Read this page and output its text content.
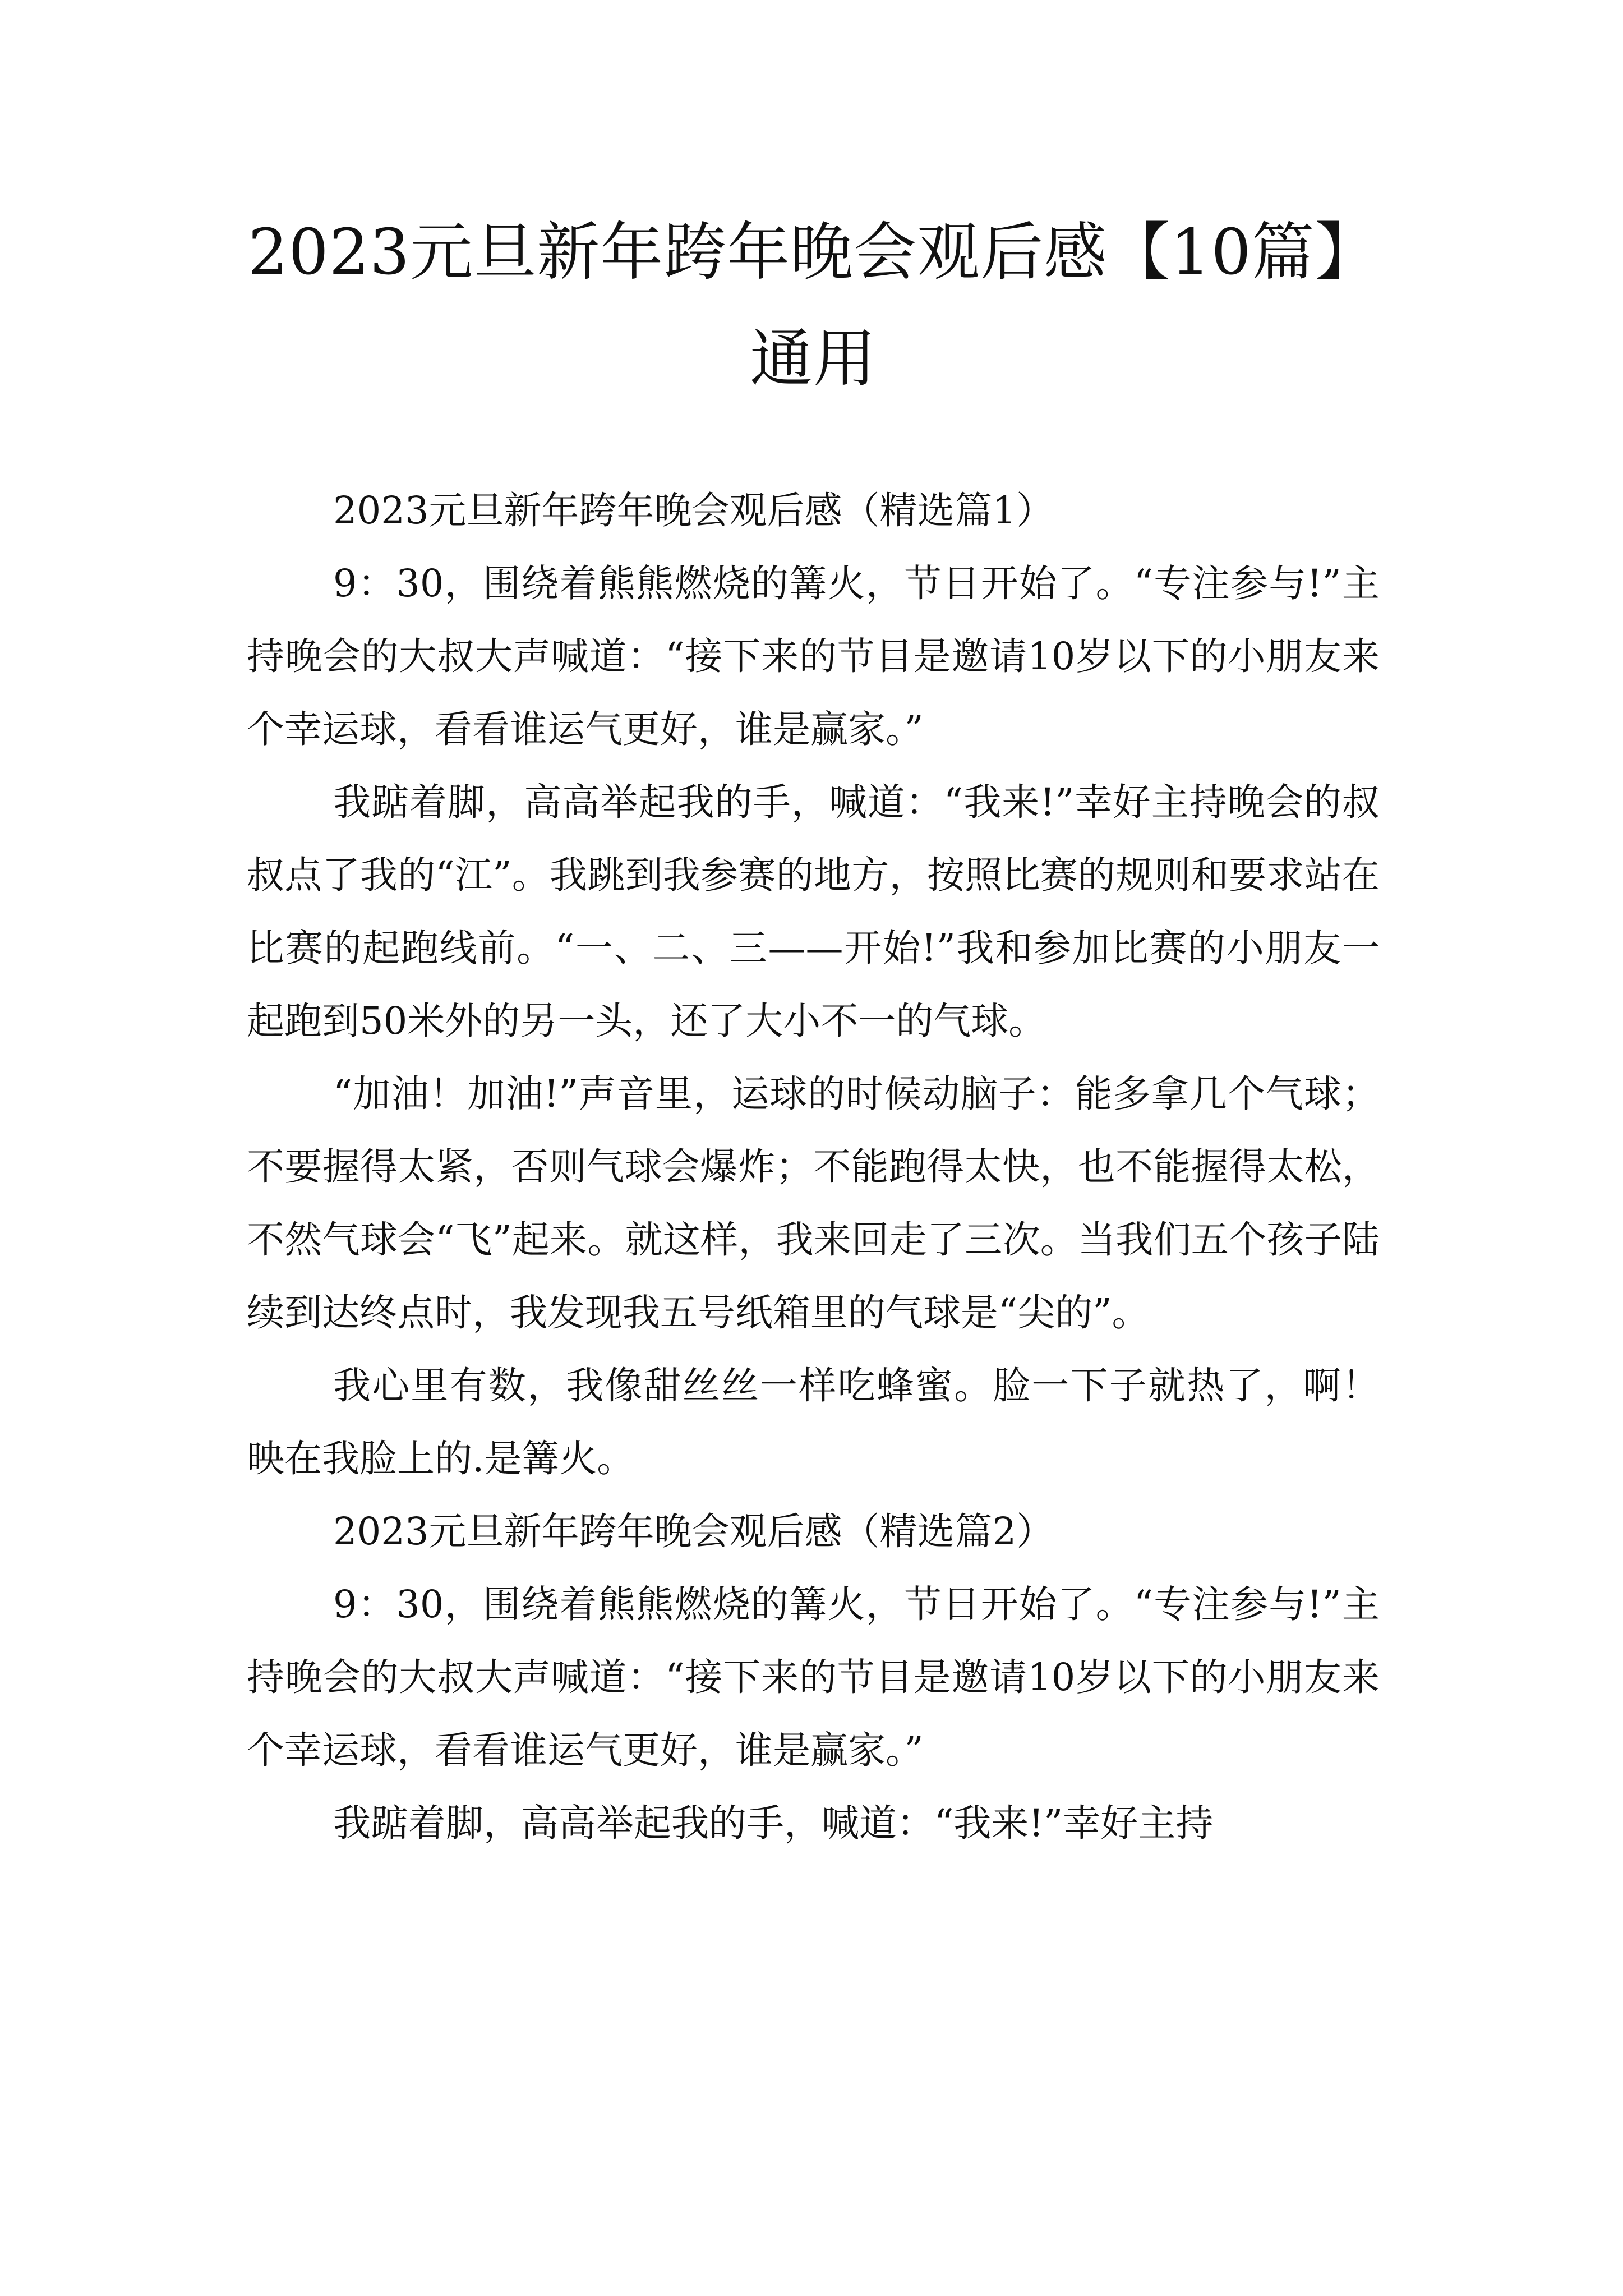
2023元旦新年跨年晚会观后感【10篇】通用

2023元旦新年跨年晚会观后感（精选篇1）

9：30，围绕着熊熊燃烧的篝火，节日开始了。“专注参与!”主持晚会的大叔大声喊道：“接下来的节目是邀请10岁以下的小朋友来个幸运球，看看谁运气更好，谁是赢家。”

我踮着脚，高高举起我的手，喊道：“我来!”幸好主持晚会的叔叔点了我的“江”。我跳到我参赛的地方，按照比赛的规则和要求站在比赛的起跑线前。“一、二、三——开始!”我和参加比赛的小朋友一起跑到50米外的另一头，还了大小不一的气球。

“加油！加油!”声音里，运球的时候动脑子：能多拿几个气球；不要握得太紧，否则气球会爆炸；不能跑得太快，也不能握得太松，不然气球会“飞”起来。就这样，我来回走了三次。当我们五个孩子陆续到达终点时，我发现我五号纸箱里的气球是“尖的”。

我心里有数，我像甜丝丝一样吃蜂蜜。脸一下子就热了，啊！映在我脸上的.是篝火。

2023元旦新年跨年晚会观后感（精选篇2）

9：30，围绕着熊熊燃烧的篝火，节日开始了。“专注参与!”主持晚会的大叔大声喊道：“接下来的节目是邀请10岁以下的小朋友来个幸运球，看看谁运气更好，谁是赢家。”

我踮着脚，高高举起我的手，喊道：“我来!”幸好主持
